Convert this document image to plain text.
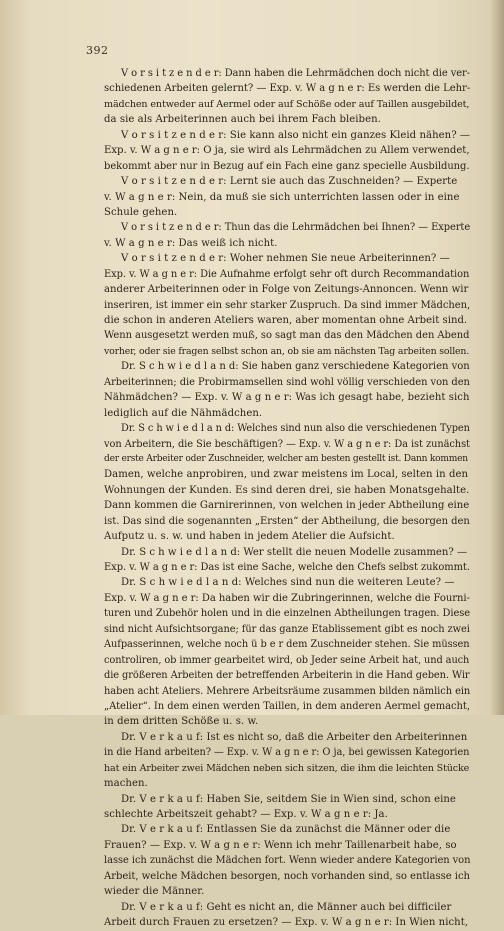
392
V o r s i t z e n d e r: Dann haben die Lehrmädchen doch nicht die ver-
schiedenen Arbeiten gelernt? — Exp. v. W a g n e r: Es werden die Lehr-
mädchen entweder auf Aermel oder auf Schöße oder auf Taillen ausgebildet,
da sie als Arbeiterinnen auch bei ihrem Fach bleiben.
V o r s i t z e n d e r: Sie kann also nicht ein ganzes Kleid nähen? —
Exp. v. W a g n e r: O ja, sie wird als Lehrmädchen zu Allem verwendet,
bekommt aber nur in Bezug auf ein Fach eine ganz specielle Ausbildung.
V o r s i t z e n d e r: Lernt sie auch das Zuschneiden? — Experte
v. W a g n e r: Nein, da muß sie sich unterrichten lassen oder in eine
Schule gehen.
V o r s i t z e n d e r: Thun das die Lehrmädchen bei Ihnen? — Experte
v. W a g n e r: Das weiß ich nicht.
V o r s i t z e n d e r: Woher nehmen Sie neue Arbeiterinnen? —
Exp. v. W a g n e r: Die Aufnahme erfolgt sehr oft durch Recommandation
anderer Arbeiterinnen oder in Folge von Zeitungs-Annoncen. Wenn wir
inseriren, ist immer ein sehr starker Zuspruch. Da sind immer Mädchen,
die schon in anderen Ateliers waren, aber momentan ohne Arbeit sind.
Wenn ausgesetzt werden muß, so sagt man das den Mädchen den Abend
vorher, oder sie fragen selbst schon an, ob sie am nächsten Tag arbeiten sollen.
Dr. S c h w i e d l a n d: Sie haben ganz verschiedene Kategorien von
Arbeiterinnen; die Probirmamsellen sind wohl völlig verschieden von den
Nähmädchen? — Exp. v. W a g n e r: Was ich gesagt habe, bezieht sich
lediglich auf die Nähmädchen.
Dr. S c h w i e d l a n d: Welches sind nun also die verschiedenen Typen
von Arbeitern, die Sie beschäftigen? — Exp. v. W a g n e r: Da ist zunächst
der erste Arbeiter oder Zuschneider, welcher am besten gestellt ist. Dann kommen
Damen, welche anprobiren, und zwar meistens im Local, selten in den
Wohnungen der Kunden. Es sind deren drei, sie haben Monatsgehalte.
Dann kommen die Garnirerinnen, von welchen in jeder Abtheilung eine
ist. Das sind die sogenannten „Ersten“ der Abtheilung, die besorgen den
Aufputz u. s. w. und haben in jedem Atelier die Aufsicht.
Dr. S c h w i e d l a n d: Wer stellt die neuen Modelle zusammen? —
Exp. v. W a g n e r: Das ist eine Sache, welche den Chefs selbst zukommt.
Dr. S c h w i e d l a n d: Welches sind nun die weiteren Leute? —
Exp. v. W a g n e r: Da haben wir die Zubringerinnen, welche die Fourni-
turen und Zubehör holen und in die einzelnen Abtheilungen tragen. Diese
sind nicht Aufsichtsorgane; für das ganze Etablissement gibt es noch zwei
Aufpasserinnen, welche noch ü b e r dem Zuschneider stehen. Sie müssen
controliren, ob immer gearbeitet wird, ob Jeder seine Arbeit hat, und auch
die größeren Arbeiten der betreffenden Arbeiterin in die Hand geben. Wir
haben acht Ateliers. Mehrere Arbeitsräume zusammen bilden nämlich ein
„Atelier“. In dem einen werden Taillen, in dem anderen Aermel gemacht,
in dem dritten Schöße u. s. w.
Dr. V e r k a u f: Ist es nicht so, daß die Arbeiter den Arbeiterinnen
in die Hand arbeiten? — Exp. v. W a g n e r: O ja, bei gewissen Kategorien
hat ein Arbeiter zwei Mädchen neben sich sitzen, die ihm die leichten Stücke
machen.
Dr. V e r k a u f: Haben Sie, seitdem Sie in Wien sind, schon eine
schlechte Arbeitszeit gehabt? — Exp. v. W a g n e r: Ja.
Dr. V e r k a u f: Entlassen Sie da zunächst die Männer oder die
Frauen? — Exp. v. W a g n e r: Wenn ich mehr Taillenarbeit habe, so
lasse ich zunächst die Mädchen fort. Wenn wieder andere Kategorien von
Arbeit, welche Mädchen besorgen, noch vorhanden sind, so entlasse ich
wieder die Männer.
Dr. V e r k a u f: Geht es nicht an, die Männer auch bei difficiler
Arbeit durch Frauen zu ersetzen? — Exp. v. W a g n e r: In Wien nicht,
